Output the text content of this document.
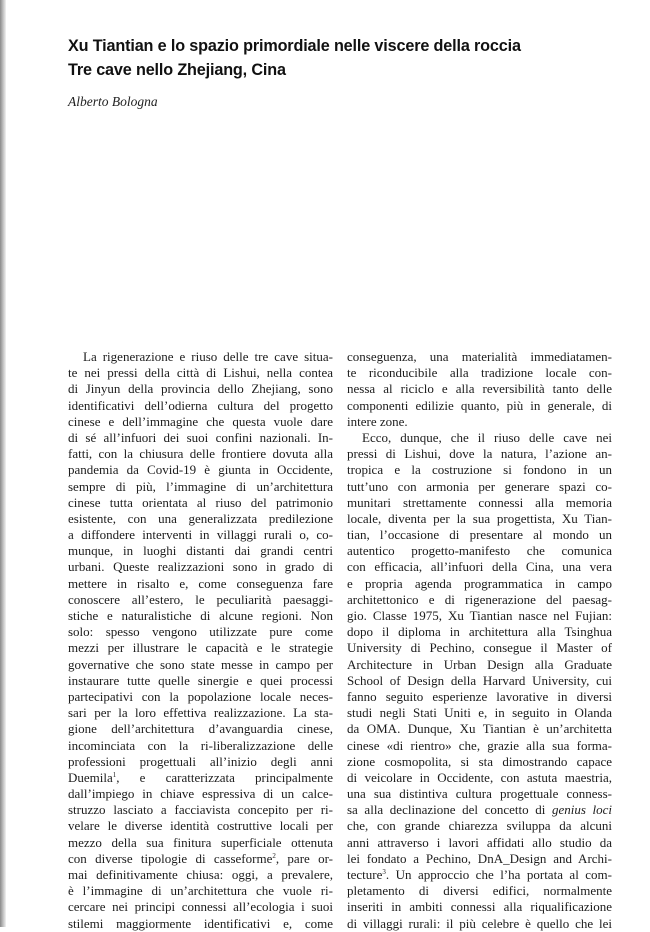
Xu Tiantian e lo spazio primordiale nelle viscere della roccia
Tre cave nello Zhejiang, Cina
Alberto Bologna
La rigenerazione e riuso delle tre cave situa-
te nei pressi della città di Lishui, nella contea
di Jinyun della provincia dello Zhejiang, sono
identificativi dell’odierna cultura del progetto
cinese e dell’immagine che questa vuole dare
di sé all’infuori dei suoi confini nazionali. In-
fatti, con la chiusura delle frontiere dovuta alla
pandemia da Covid-19 è giunta in Occidente,
sempre di più, l’immagine di un’architettura
cinese tutta orientata al riuso del patrimonio
esistente, con una generalizzata predilezione
a diffondere interventi in villaggi rurali o, co-
munque, in luoghi distanti dai grandi centri
urbani. Queste realizzazioni sono in grado di
mettere in risalto e, come conseguenza fare
conoscere all’estero, le peculiarità paesaggi-
stiche e naturalistiche di alcune regioni. Non
solo: spesso vengono utilizzate pure come
mezzi per illustrare le capacità e le strategie
governative che sono state messe in campo per
instaurare tutte quelle sinergie e quei processi
partecipativi con la popolazione locale neces-
sari per la loro effettiva realizzazione. La sta-
gione dell’architettura d’avanguardia cinese,
incominciata con la ri-liberalizzazione delle
professioni progettuali all’inizio degli anni
Duemila$^1$, e caratterizzata principalmente
dall’impiego in chiave espressiva di un calce-
struzzo lasciato a facciavista concepito per ri-
velare le diverse identità costruttive locali per
mezzo della sua finitura superficiale ottenuta
con diverse tipologie di casseforme$^2$, pare or-
mai definitivamente chiusa: oggi, a prevalere,
è l’immagine di un’architettura che vuole ri-
cercare nei principi connessi all’ecologia i suoi
stilemi maggiormente identificativi e, come
conseguenza, una materialità immediatamen-
te riconducibile alla tradizione locale con-
nessa al riciclo e alla reversibilità tanto delle
componenti edilizie quanto, più in generale, di
intere zone.
Ecco, dunque, che il riuso delle cave nei
pressi di Lishui, dove la natura, l’azione an-
tropica e la costruzione si fondono in un
tutt’uno con armonia per generare spazi co-
munitari strettamente connessi alla memoria
locale, diventa per la sua progettista, Xu Tian-
tian, l’occasione di presentare al mondo un
autentico progetto-manifesto che comunica
con efficacia, all’infuori della Cina, una vera
e propria agenda programmatica in campo
architettonico e di rigenerazione del paesag-
gio. Classe 1975, Xu Tiantian nasce nel Fujian:
dopo il diploma in architettura alla Tsinghua
University di Pechino, consegue il Master of
Architecture in Urban Design alla Graduate
School of Design della Harvard University, cui
fanno seguito esperienze lavorative in diversi
studi negli Stati Uniti e, in seguito in Olanda
da OMA. Dunque, Xu Tiantian è un’architetta
cinese «di rientro» che, grazie alla sua forma-
zione cosmopolita, si sta dimostrando capace
di veicolare in Occidente, con astuta maestria,
una sua distintiva cultura progettuale conness-
sa alla declinazione del concetto di genius loci
che, con grande chiarezza sviluppa da alcuni
anni attraverso i lavori affidati allo studio da
lei fondato a Pechino, DnA_Design and Archi-
tecture$^3$. Un approccio che l’ha portata al com-
pletamento di diversi edifici, normalmente
inseriti in ambiti connessi alla riqualificazione
di villaggi rurali: il più celebre è quello che lei
